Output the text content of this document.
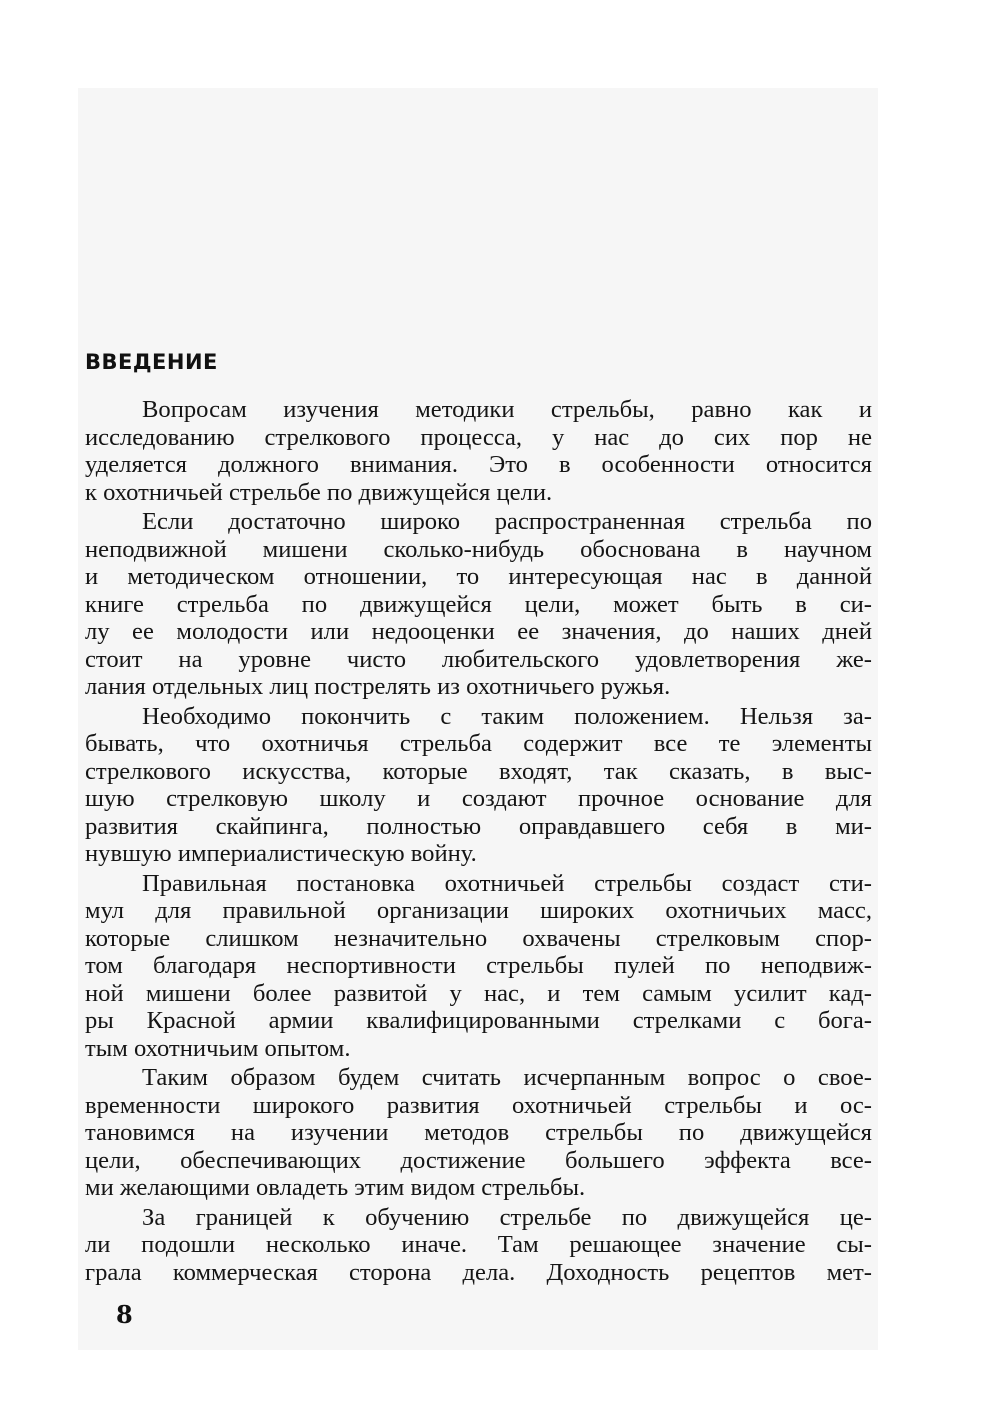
ВВЕДЕНИЕ

Вопросам изучения методики стрельбы, равно как и
исследованию стрелкового процесса, у нас до сих пор не
уделяется должного внимания. Это в особенности относится
к охотничьей стрельбе по движущейся цели.

Если достаточно широко распространенная стрельба по
неподвижной мишени сколько-нибудь обоснована в научном
и методическом отношении, то интересующая нас в данной
книге стрельба по движущейся цели, может быть в си-
лу ее молодости или недооценки ее значения, до наших дней
стоит на уровне чисто любительского удовлетворения же-
лания отдельных лиц пострелять из охотничьего ружья.

Необходимо покончить с таким положением. Нельзя за-
бывать, что охотничья стрельба содержит все те элементы
стрелкового искусства, которые входят, так сказать, в выс-
шую стрелковую школу и создают прочное основание для
развития скайпинга, полностью оправдавшего себя в ми-
нувшую империалистическую войну.

Правильная постановка охотничьей стрельбы создаст сти-
мул для правильной организации широких охотничьих масс,
которые слишком незначительно охвачены стрелковым спор-
том благодаря неспортивности стрельбы пулей по неподвиж-
ной мишени более развитой у нас, и тем самым усилит кад-
ры Красной армии квалифицированными стрелками с бога-
тым охотничьим опытом.

Таким образом будем считать исчерпанным вопрос о свое-
временности широкого развития охотничьей стрельбы и ос-
тановимся на изучении методов стрельбы по движущейся
цели, обеспечивающих достижение большего эффекта все-
ми желающими овладеть этим видом стрельбы.

За границей к обучению стрельбе по движущейся це-
ли подошли несколько иначе. Там решающее значение сы-
грала коммерческая сторона дела. Доходность рецептов мет-

8
